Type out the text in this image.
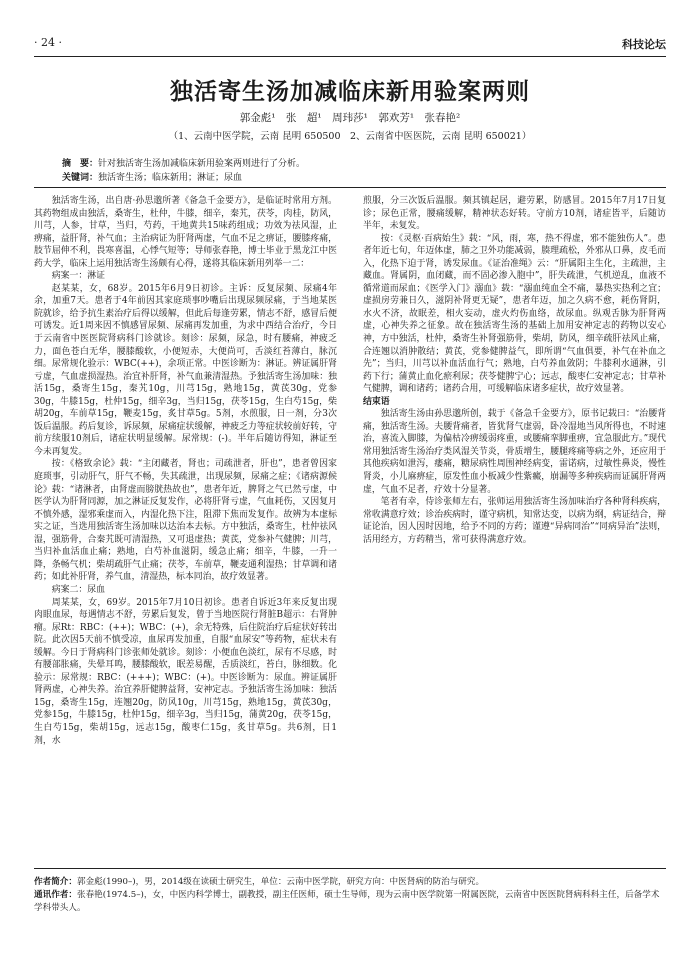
· 24 ·	科技论坛
独活寄生汤加减临床新用验案两则
郭金彪¹　张　超¹　周玮莎¹　郭欢芳¹　张春艳²
（1、云南中医学院，云南 昆明 650500　2、云南省中医医院，云南 昆明 650021）
摘　要：针对独活寄生汤加减临床新用验案两则进行了分析。
关键词：独活寄生汤；临床新用；淋证；尿血

独活寄生汤，出自唐·孙思邈所著《备急千金要方》，是临证时常用方剂。其药物组成由独活，桑寄生，杜仲，牛膝，细辛，秦艽，茯苓，肉桂，防风，川芎，人参，甘草，当归，芍药，干地黄共15味药组成；功效为祛风湿，止痹痛，益肝肾，补气血；主治病证为肝肾两虚，气血不足之痹证，腰膝疼痛，肢节屈伸不利，畏寒喜温，心悸气短等；导师张春艳，博士毕业于黑龙江中医药大学，临床上运用独活寄生汤颇有心得，遂将其临床新用列举一二：

病案一：淋证

赵某某，女，68岁。2015年6月9日初诊。主诉：反复尿频、尿痛4年余，加重7天。患者于4年前因其家庭琐事吵嘴后出现尿频尿痛，于当地某医院就诊，给予抗生素治疗后得以缓解，但此后每逢劳累，情志不舒，感冒后便可诱发。近1周来因不慎感冒尿频、尿痛再发加重，为求中西结合治疗，今日于云南省中医医院肾病科门诊就诊。刻诊：尿频，尿急，时有腰痛，神疲乏力，面色苍白无华，腰膝酸软，小便短赤，大便尚可，舌淡红苔薄白，脉沉细。尿常规化验示：WBC(++)，余项正常。中医诊断为：淋证。辨证属肝肾亏虚，气血虚损湿热。治宜补肝肾，补气血兼清湿热。予独活寄生汤加味：独活15g，桑寄生15g，秦艽10g，川芎15g，熟地15g，黄芪30g，党参30g，牛膝15g，杜仲15g，细辛3g，当归15g，茯苓15g，生白芍15g，柴胡20g，车前草15g，鞭麦15g，炙甘草5g。5剂，水煎服，日一剂，分3次饭后温服。药后复诊，诉尿频，尿痛症状缓解，神疲乏力等症状较前好转，守前方续服10剂后，诸症状明显缓解。尿常规：(-)。半年后随访得知，淋证至今未再复发。

按：《格致余论》载：“主闭藏者，肾也；司疏泄者，肝也”，患者曾因家庭琐事，引动肝气，肝气不畅，失其疏泄，出现尿频，尿痛之症；《诸病源候论》载：“诸淋者，由肾虚而膀胱热故也”，患者年近，脾肾之气已然亏虚，中医学认为肝肾同源，加之淋证反复发作，必将肝肾亏虚，气血耗伤，又因复月不慎外感，湿邪乘虚而入，内湿化热下注，阻滞下焦而发复作。故辨为本虚标实之证，当选用独活寄生汤加味以达治本去标。方中独活，桑寄生，杜仲祛风湿，强筋骨，合秦艽既可清湿热，又可退虚热；黄芪，党参补气健脾；川芎，当归补血活血止痛；熟地，白芍补血滋阴，缓急止痛；细辛，牛膝，一升一降，条畅气机；柴胡疏肝气止痛；茯苓，车前草，鞭麦通利湿热；甘草调和诸药；如此补肝肾，养气血，清湿热，标本同治，故疗效显著。

病案二：尿血

周某某，女，69岁。2015年7月10日初诊。患者自诉近3年来反复出现肉眼血尿，每遇情志不舒，劳累后复发，曾于当地医院行肾脏B超示：右肾肿瘤。尿Rt：RBC：(++)；WBC：(+)，余无特殊，后住院治疗后症状好转出院。此次因5天前不慎受凉，血尿再发加重，自服“血尿安”等药物，症状未有缓解。今日于肾病科门诊张师处就诊。刻诊：小便血色淡红，尿有不尽感，时有腰部胀痛，失晕耳鸣，腰膝酸软，眠差易醒，舌质淡红，苔白，脉细数。化验示：尿常规：RBC：(+++)；WBC：(+)。中医诊断为：尿血。辨证属肝肾两虚，心神失养。治宜养肝健脾益肾，安神定志。予独活寄生汤加味：独活15g，桑寄生15g，连翘20g，防风10g，川芎15g，熟地15g，黄芪30g，党参15g，牛膝15g，杜仲15g，细辛3g，当归15g，蒲黄20g，茯苓15g，生白芍15g，柴胡15g，远志15g，酸枣仁15g，炙甘草5g。共6剂，日1剂，水

煎服，分三次饭后温服。频其镇起居，避劳累，防感冒。2015年7月17日复诊；尿色正常，腰痛缓解，精神状态好转。守前方10剂，诸症皆平，后随访半年，未复发。

按：《灵枢·百病始生》载：“风，雨，寒，热不得虚，邪不能独伤人”。患者年近七旬，年迈体虚，肺之卫外功能减弱，腠理疏松，外邪从口鼻，皮毛而入，化热下迫于肾，诱发尿血。《证治准绳》云：“肝属阳主生化，主疏泄，主藏血。肾属阴，血闭藏，而不固必渗入胞中”，肝失疏泄，气机逆乱，血液不循常道而尿血；《医学入门》溺血》载：“溺血纯血全不痛，暴热实热利之宜；虚损房劳兼日久，滋阴补肾更无疑”，患者年迈，加之久病不愈，耗伤肾阴，水火不济，故眠差，相火妄动，虚火灼伤血络，故尿血。纵观舌脉为肝肾两虚，心神失养之征象。故在独活寄生汤的基础上加用安神定志的药物以安心神，方中独活，杜仲，桑寄生补肾强筋骨，柴胡，防风，细辛疏肝祛风止痛，合连翘以消肿散结；黄芪，党参健脾益气，即所谓“气血俱要，补气在补血之先”；当归，川芎以补血活血行气；熟地，白芍养血敛阴；牛膝利水通淋，引药下行；蒲黄止血化瘀利尿；茯苓健脾宁心；远志，酸枣仁安神定志；甘草补气健脾，调和诸药；诸药合用，可缓解临床诸多症状，故疗效显著。

结束语

独活寄生汤由孙思邈所创，载于《备急千金要方》，原书记载曰：“治腰背痛，独活寄生汤。夫腰背痛者，皆犹肾气虚弱，卧冷湿地当风所得也，不时速治，喜流入脚膝，为偏枯冷痹缓弱疼重，或腰痛挛脚重痹，宜急服此方。”现代常用独活寄生汤治疗类风湿关节炎，骨质增生，腰腿疼痛等病之外，还应用于其他疾病如泄泻，痿痛，糖尿病性周围神经病变，雷诺病，过敏性鼻炎，慢性肾炎，小儿麻痹症，原发性血小板减少性紫癜，崩漏等多种疾病而证属肝肾两虚，气血不足者，疗效十分显著。

笔者有幸，侍诊张师左右，张师运用独活寄生汤加味治疗各种肾科疾病，常收满意疗效；诊治疾病时，谨守病机，知常达变，以病为纲，病证结合，辩证论治，因人因时因地，给予不同的方药；谨遵“异病同治”“同病异治”法则，活用经方，方药精当，常可获得满意疗效。

作者简介：郭金彪(1990–)，男，2014级在读硕士研究生，单位：云南中医学院，研究方向：中医肾病的防治与研究。

通讯作者：张春艳(1974.5–)，女，中医内科学博士，副教授，副主任医师，硕士生导师，现为云南中医学院第一附属医院，云南省中医医院肾病科科主任，后备学术学科带头人。
